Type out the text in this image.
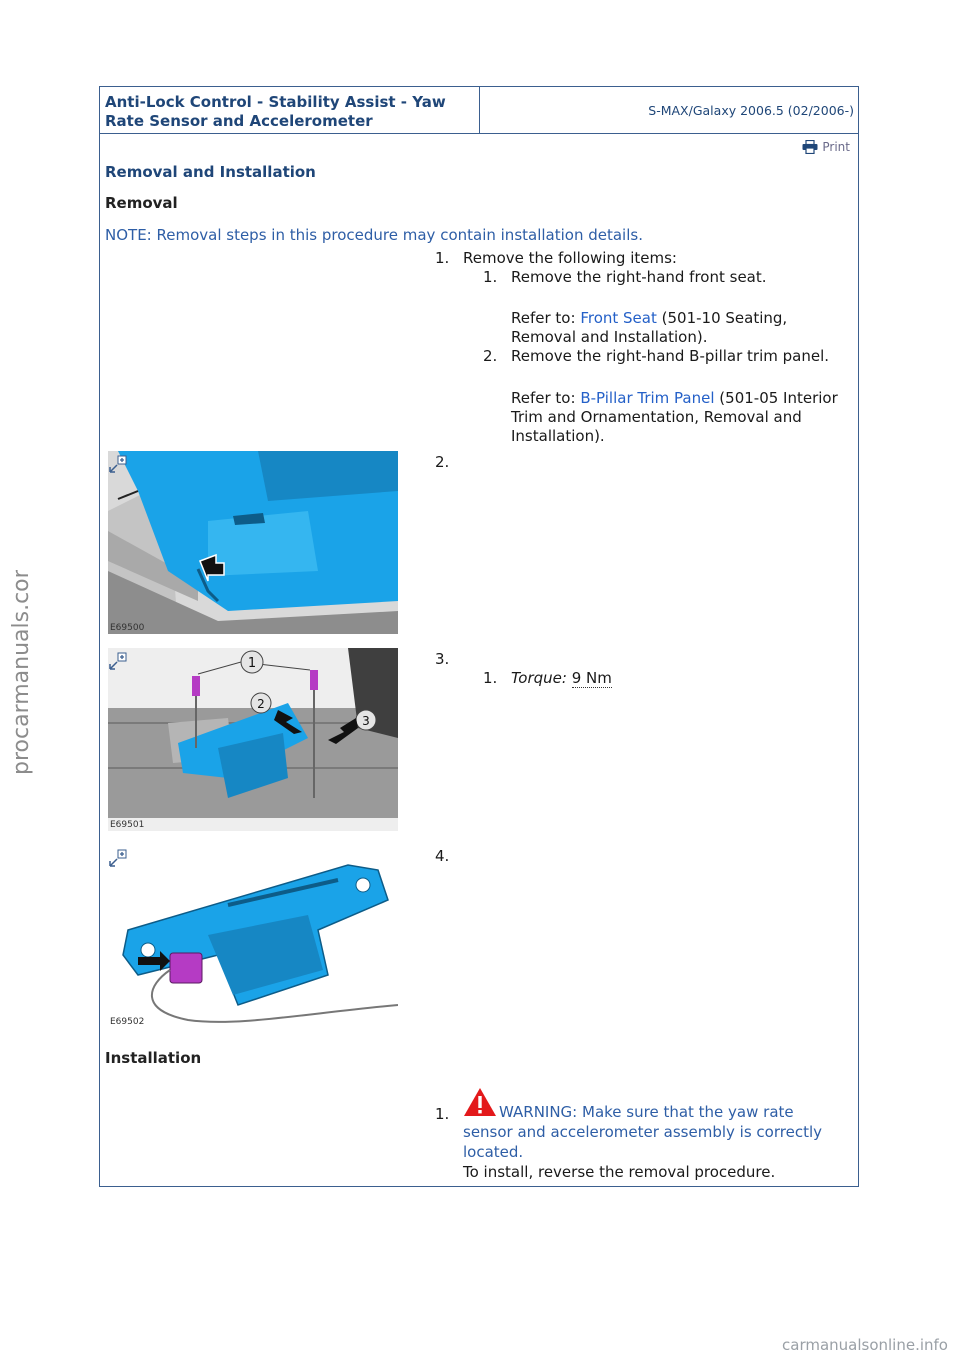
Anti-Lock Control - Stability Assist - Yaw Rate Sensor and Accelerometer
S-MAX/Galaxy 2006.5 (02/2006-)
Print
Removal and Installation
Removal
NOTE: Removal steps in this procedure may contain installation details.
1. Remove the following items:
1. Remove the right-hand front seat.
Refer to: Front Seat (501-10 Seating, Removal and Installation).
2. Remove the right-hand B-pillar trim panel.
Refer to: B-Pillar Trim Panel (501-05 Interior Trim and Ornamentation, Removal and Installation).
E69500
2.
1
2
3
E69501
3.
1. Torque: 9 Nm
E69502
4.
Installation
1.	WARNING: Make sure that the yaw rate sensor and accelerometer assembly is correctly located.
To install, reverse the removal procedure.
procarmanuals.com
carmanualsonline.info
